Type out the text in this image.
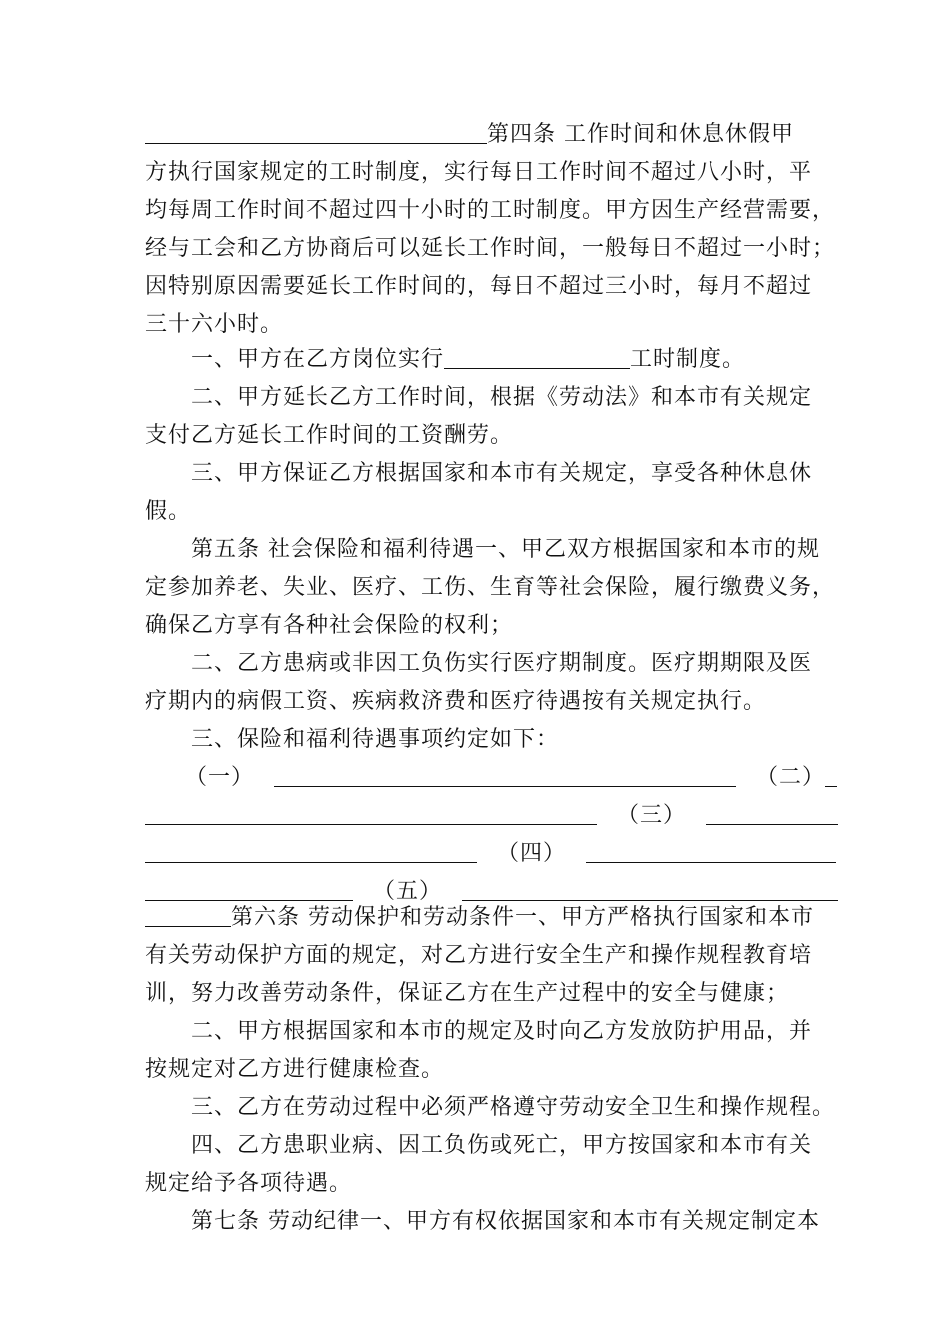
第四条 工作时间和休息休假甲
方执行国家规定的工时制度，实行每日工作时间不超过八小时，平
均每周工作时间不超过四十小时的工时制度。甲方因生产经营需要，
经与工会和乙方协商后可以延长工作时间，一般每日不超过一小时；
因特别原因需要延长工作时间的，每日不超过三小时，每月不超过
三十六小时。
一、甲方在乙方岗位实行	工时制度。
二、甲方延长乙方工作时间，根据《劳动法》和本市有关规定
支付乙方延长工作时间的工资酬劳。
三、甲方保证乙方根据国家和本市有关规定，享受各种休息休
假。
第五条 社会保险和福利待遇一、甲乙双方根据国家和本市的规
定参加养老、失业、医疗、工伤、生育等社会保险，履行缴费义务，
确保乙方享有各种社会保险的权利；
二、乙方患病或非因工负伤实行医疗期制度。医疗期期限及医
疗期内的病假工资、疾病救济费和医疗待遇按有关规定执行。
三、保险和福利待遇事项约定如下：
（一）	（二）
（三）
（四）
（五）
第六条 劳动保护和劳动条件一、甲方严格执行国家和本市
有关劳动保护方面的规定，对乙方进行安全生产和操作规程教育培
训，努力改善劳动条件，保证乙方在生产过程中的安全与健康；
二、甲方根据国家和本市的规定及时向乙方发放防护用品，并
按规定对乙方进行健康检查。
三、乙方在劳动过程中必须严格遵守劳动安全卫生和操作规程。
四、乙方患职业病、因工负伤或死亡，甲方按国家和本市有关
规定给予各项待遇。
第七条 劳动纪律一、甲方有权依据国家和本市有关规定制定本
